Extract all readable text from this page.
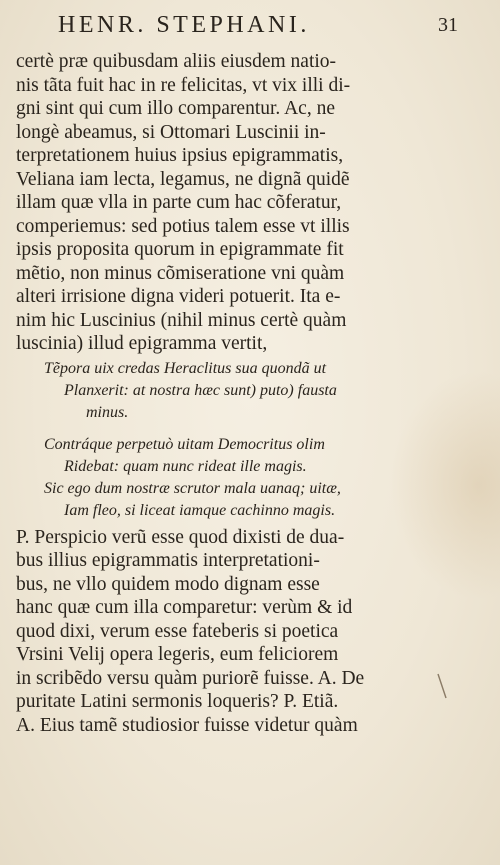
HENR. STEPHANI.	31
certè præ quibusdam aliis eiusdem natio-
nis tãta fuit hac in re felicitas, vt vix illi di-
gni sint qui cum illo comparentur. Ac, ne
longè abeamus, si Ottomari Luscinii in-
terpretationem huius ipsius epigrammatis,
Veliana iam lecta, legamus, ne dignã quidẽ
illam quæ vlla in parte cum hac cõferatur,
comperiemus: sed potius talem esse vt illis
ipsis proposita quorum in epigrammate fit
mẽtio, non minus cõmiseratione vni quàm
alteri irrisione digna videri potuerit. Ita e-
nim hic Luscinius (nihil minus certè quàm
luscinia) illud epigramma vertit,
Tẽpora uix credas Heraclitus sua quondã ut
Planxerit: at nostra hæc sunt) puto) fausta
minus.
Contráque perpetuò uitam Democritus olim
Ridebat: quam nunc rideat ille magis.
Sic ego dum nostræ scrutor mala uanaq; uitæ,
Iam fleo, si liceat iamque cachinno magis.
P. Perspicio verũ esse quod dixisti de dua-
bus illius epigrammatis interpretationi-
bus, ne vllo quidem modo dignam esse
hanc quæ cum illa comparetur: verùm & id
quod dixi, verum esse fateberis si poetica
Vrsini Velij opera legeris, eum feliciorem
in scribẽdo versu quàm puriorẽ fuisse. A. De
puritate Latini sermonis loqueris? P. Etiã.
A. Eius tamẽ studiosior fuisse videtur quàm
